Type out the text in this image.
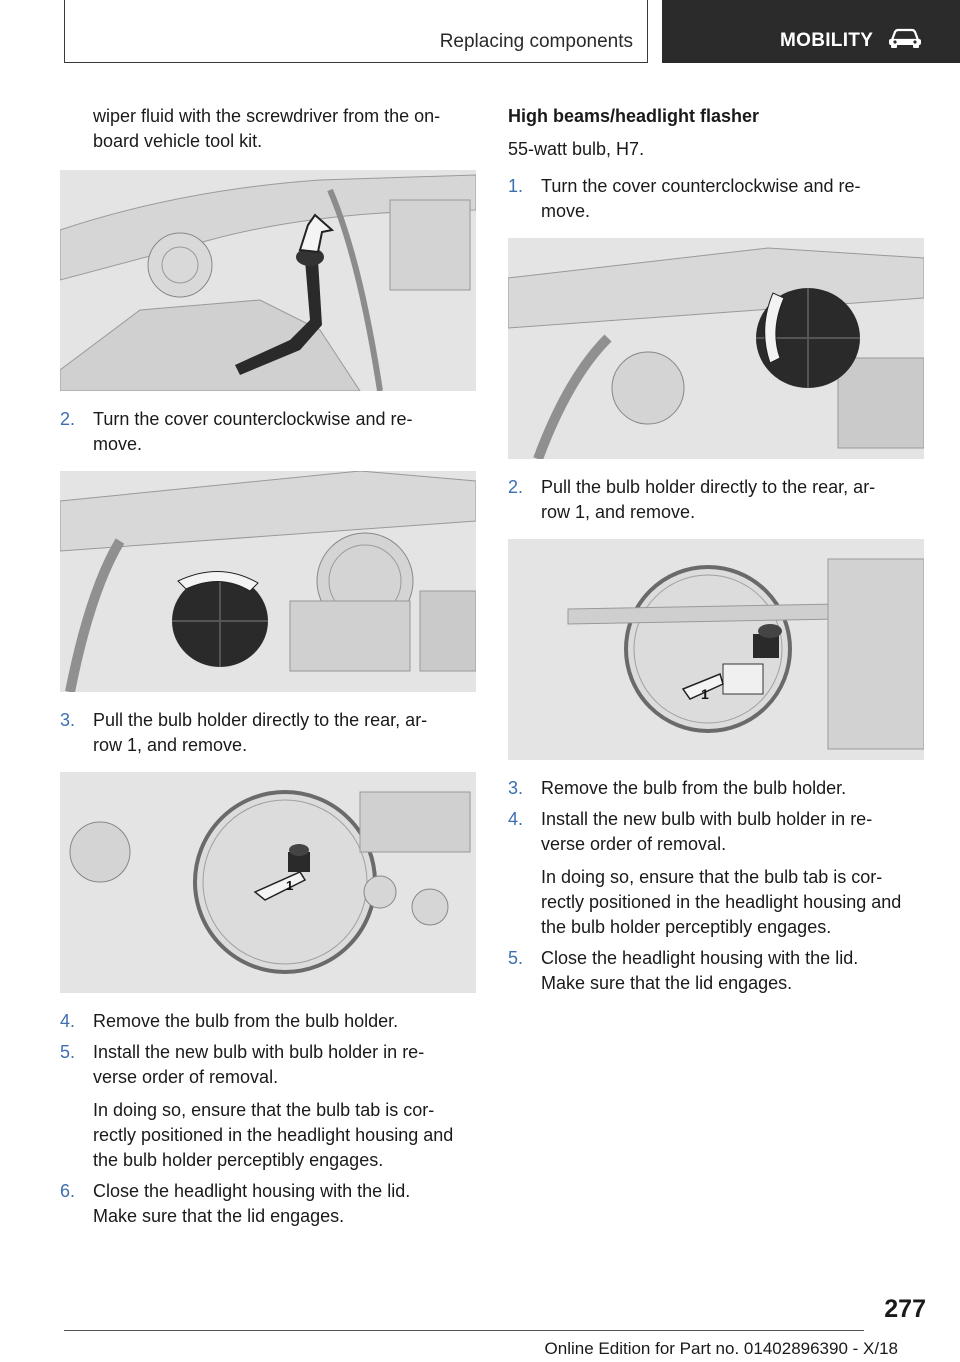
Replacing components	MOBILITY

wiper fluid with the screwdriver from the on-
board vehicle tool kit.

2. Turn the cover counterclockwise and re-
move.
3. Pull the bulb holder directly to the rear, ar-
row 1, and remove.
1
4. Remove the bulb from the bulb holder.
5. Install the new bulb with bulb holder in re-
verse order of removal.
In doing so, ensure that the bulb tab is cor-
rectly positioned in the headlight housing and
the bulb holder perceptibly engages.
6. Close the headlight housing with the lid.
Make sure that the lid engages.

High beams/headlight flasher

55-watt bulb, H7.

1. Turn the cover counterclockwise and re-
move.
2. Pull the bulb holder directly to the rear, ar-
row 1, and remove.
1
3. Remove the bulb from the bulb holder.
4. Install the new bulb with bulb holder in re-
verse order of removal.
In doing so, ensure that the bulb tab is cor-
rectly positioned in the headlight housing and
the bulb holder perceptibly engages.
5. Close the headlight housing with the lid.
Make sure that the lid engages.
277
Online Edition for Part no. 01402896390 - X/18
